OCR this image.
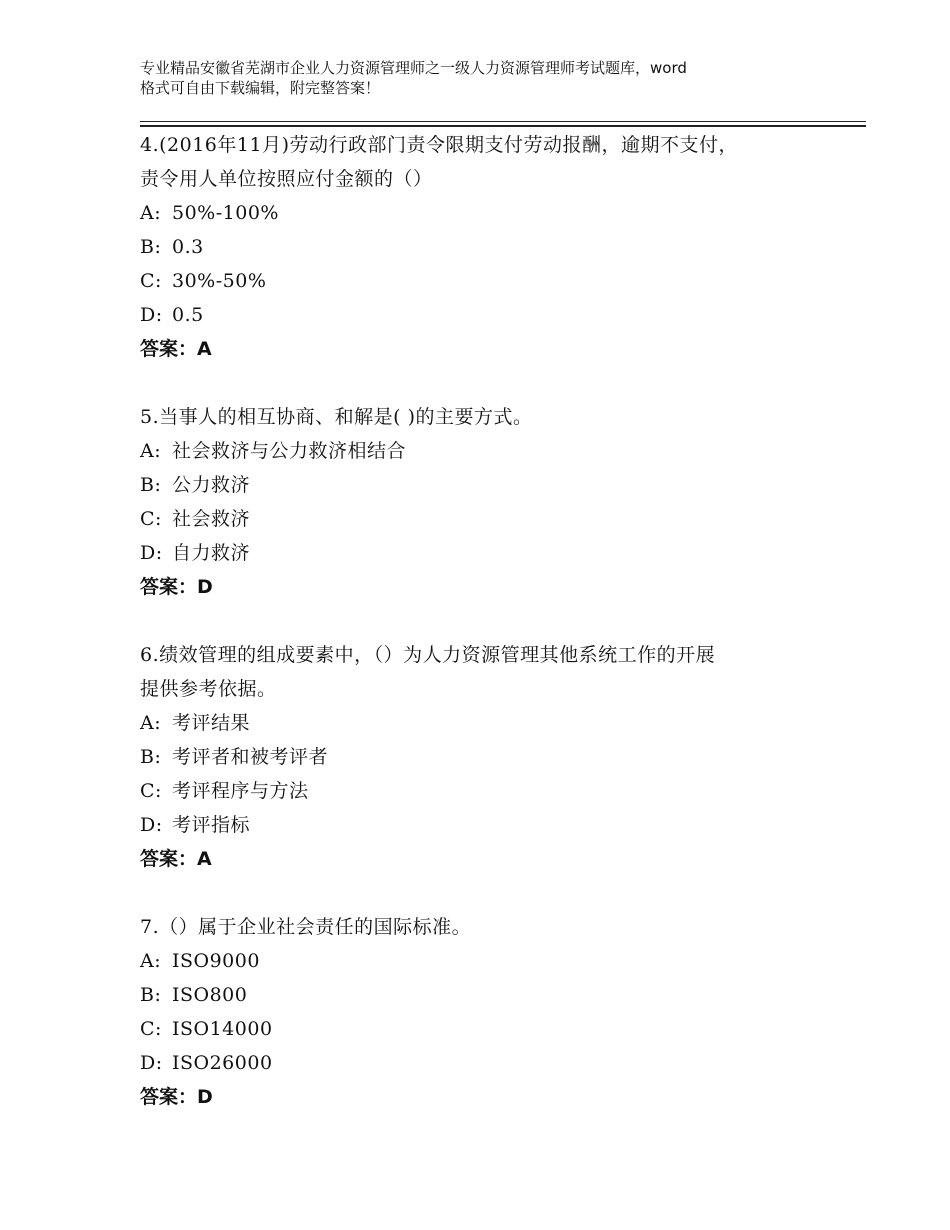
专业精品安徽省芜湖市企业人力资源管理师之一级人力资源管理师考试题库，word
格式可自由下载编辑，附完整答案！
4.(2016年11月)劳动行政部门责令限期支付劳动报酬，逾期不支付，
责令用人单位按照应付金额的（）
A: 50%-100%
B: 0.3
C: 30%-50%
D: 0.5
答案：A
5.当事人的相互协商、和解是( )的主要方式。
A: 社会救济与公力救济相结合
B: 公力救济
C: 社会救济
D: 自力救济
答案：D
6.绩效管理的组成要素中，（）为人力资源管理其他系统工作的开展
提供参考依据。
A: 考评结果
B: 考评者和被考评者
C: 考评程序与方法
D: 考评指标
答案：A
7.（）属于企业社会责任的国际标准。
A: ISO9000
B: ISO800
C: ISO14000
D: ISO26000
答案：D
